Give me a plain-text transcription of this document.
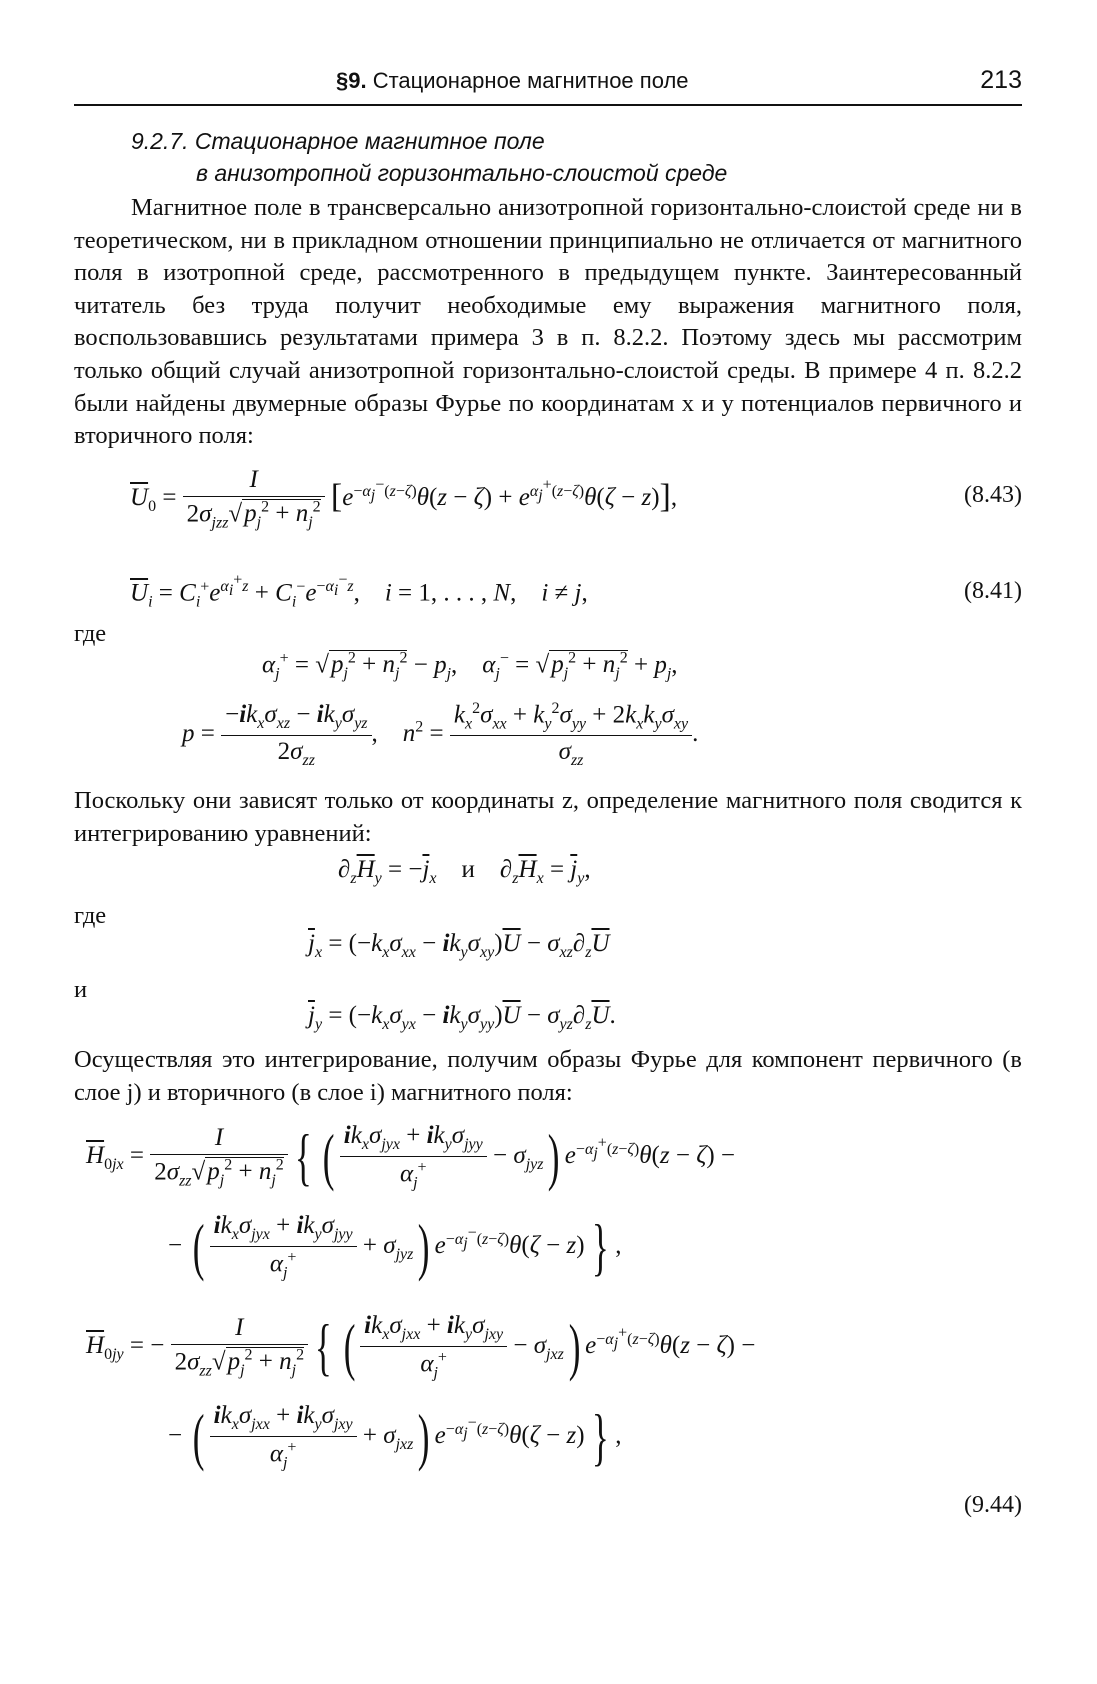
§9. Стационарное магнитное поле	213
9.2.7. Стационарное магнитное поле
в анизотропной горизонтально-слоистой среде

Магнитное поле в трансверсально анизотропной горизонтально-слоистой среде ни в теоретическом, ни в прикладном отношении принципиально не отличается от магнитного поля в изотропной среде, рассмотренного в предыдущем пункте. Заинтересованный читатель без труда получит необходимые ему выражения магнитного поля, воспользовавшись результатами примера 3 в п. 8.2.2. Поэтому здесь мы рассмотрим только общий случай анизотропной горизонтально-слоистой среды. В примере 4 п. 8.2.2 были найдены двумерные образы Фурье по координатам x и y потенциалов первичного и вторичного поля:

$\overline{U}_0 = \frac{I}{2\sigma_{jzz}√p_j^2 + n_j^2} [e^{-\alpha_j^-(z-\zeta)}\theta(z - \zeta) + e^{\alpha_j^+(z-\zeta)}\theta(\zeta - z)]$,	(8.43)
$\overline{U}_i = C_i^+e^{\alpha_i^+z} + C_i^-e^{-\alpha_i^-z}$,    i = 1, . . . , N,    i ≠ j,	(8.41)
где
$\alpha_j^+ = √p_j^2 + n_j^2 - p_j$,    $\alpha_j^- = √p_j^2 + n_j^2 + p_j$,
$p = \frac{-ik_x\sigma_{xz} - ik_y\sigma_{yz}}{2\sigma_{zz}}$ ,    $n^2 = \frac{k_x^2\sigma_{xx} + k_y^2\sigma_{yy} + 2k_xk_y\sigma_{xy}}{\sigma_{zz}}$ .

Поскольку они зависят только от координаты z, определение магнитного поля сводится к интегрированию уравнений:

$\partial_z\overline{H}_y = -\overline{j}_x$ и $\partial_z\overline{H}_x = \overline{j}_y$,
где
$\overline{j}_x = (-k_x\sigma_{xx} - ik_y\sigma_{xy})\overline{U} - \sigma_{xz}\partial_z\overline{U}$
и
$\overline{j}_y = (-k_x\sigma_{yx} - ik_y\sigma_{yy})\overline{U} - \sigma_{yz}\partial_z\overline{U}$.

Осуществляя это интегрирование, получим образы Фурье для компонент первичного (в слое j) и вторичного (в слое i) магнитного поля:

$\overline{H}_{0jx} = \frac{I}{2\sigma_{zz}√p_j^2 + n_j^2}$ { ( $\frac{ik_x\sigma_{jyx} + ik_y\sigma_{jyy}}{\alpha_j^+} - \sigma_{jyz}$) $e^{-\alpha_j^+(z-\zeta)}\theta(z - \zeta)$ −
− ( $\frac{ik_x\sigma_{jyx} + ik_y\sigma_{jyy}}{\alpha_j^+} + \sigma_{jyz}$) $e^{-\alpha_j^-(z-\zeta)}\theta(\zeta - z)$ } ,
$\overline{H}_{0jy}$ = − $\frac{I}{2\sigma_{zz}√p_j^2 + n_j^2}$ { ( $\frac{ik_x\sigma_{jxx} + ik_y\sigma_{jxy}}{\alpha_j^+} - \sigma_{jxz}$) $e^{-\alpha_j^+(z-\zeta)}\theta(z - \zeta)$ −
− ( $\frac{ik_x\sigma_{jxx} + ik_y\sigma_{jxy}}{\alpha_j^+} + \sigma_{jxz}$) $e^{-\alpha_j^-(z-\zeta)}\theta(\zeta - z)$ } ,
(9.44)
